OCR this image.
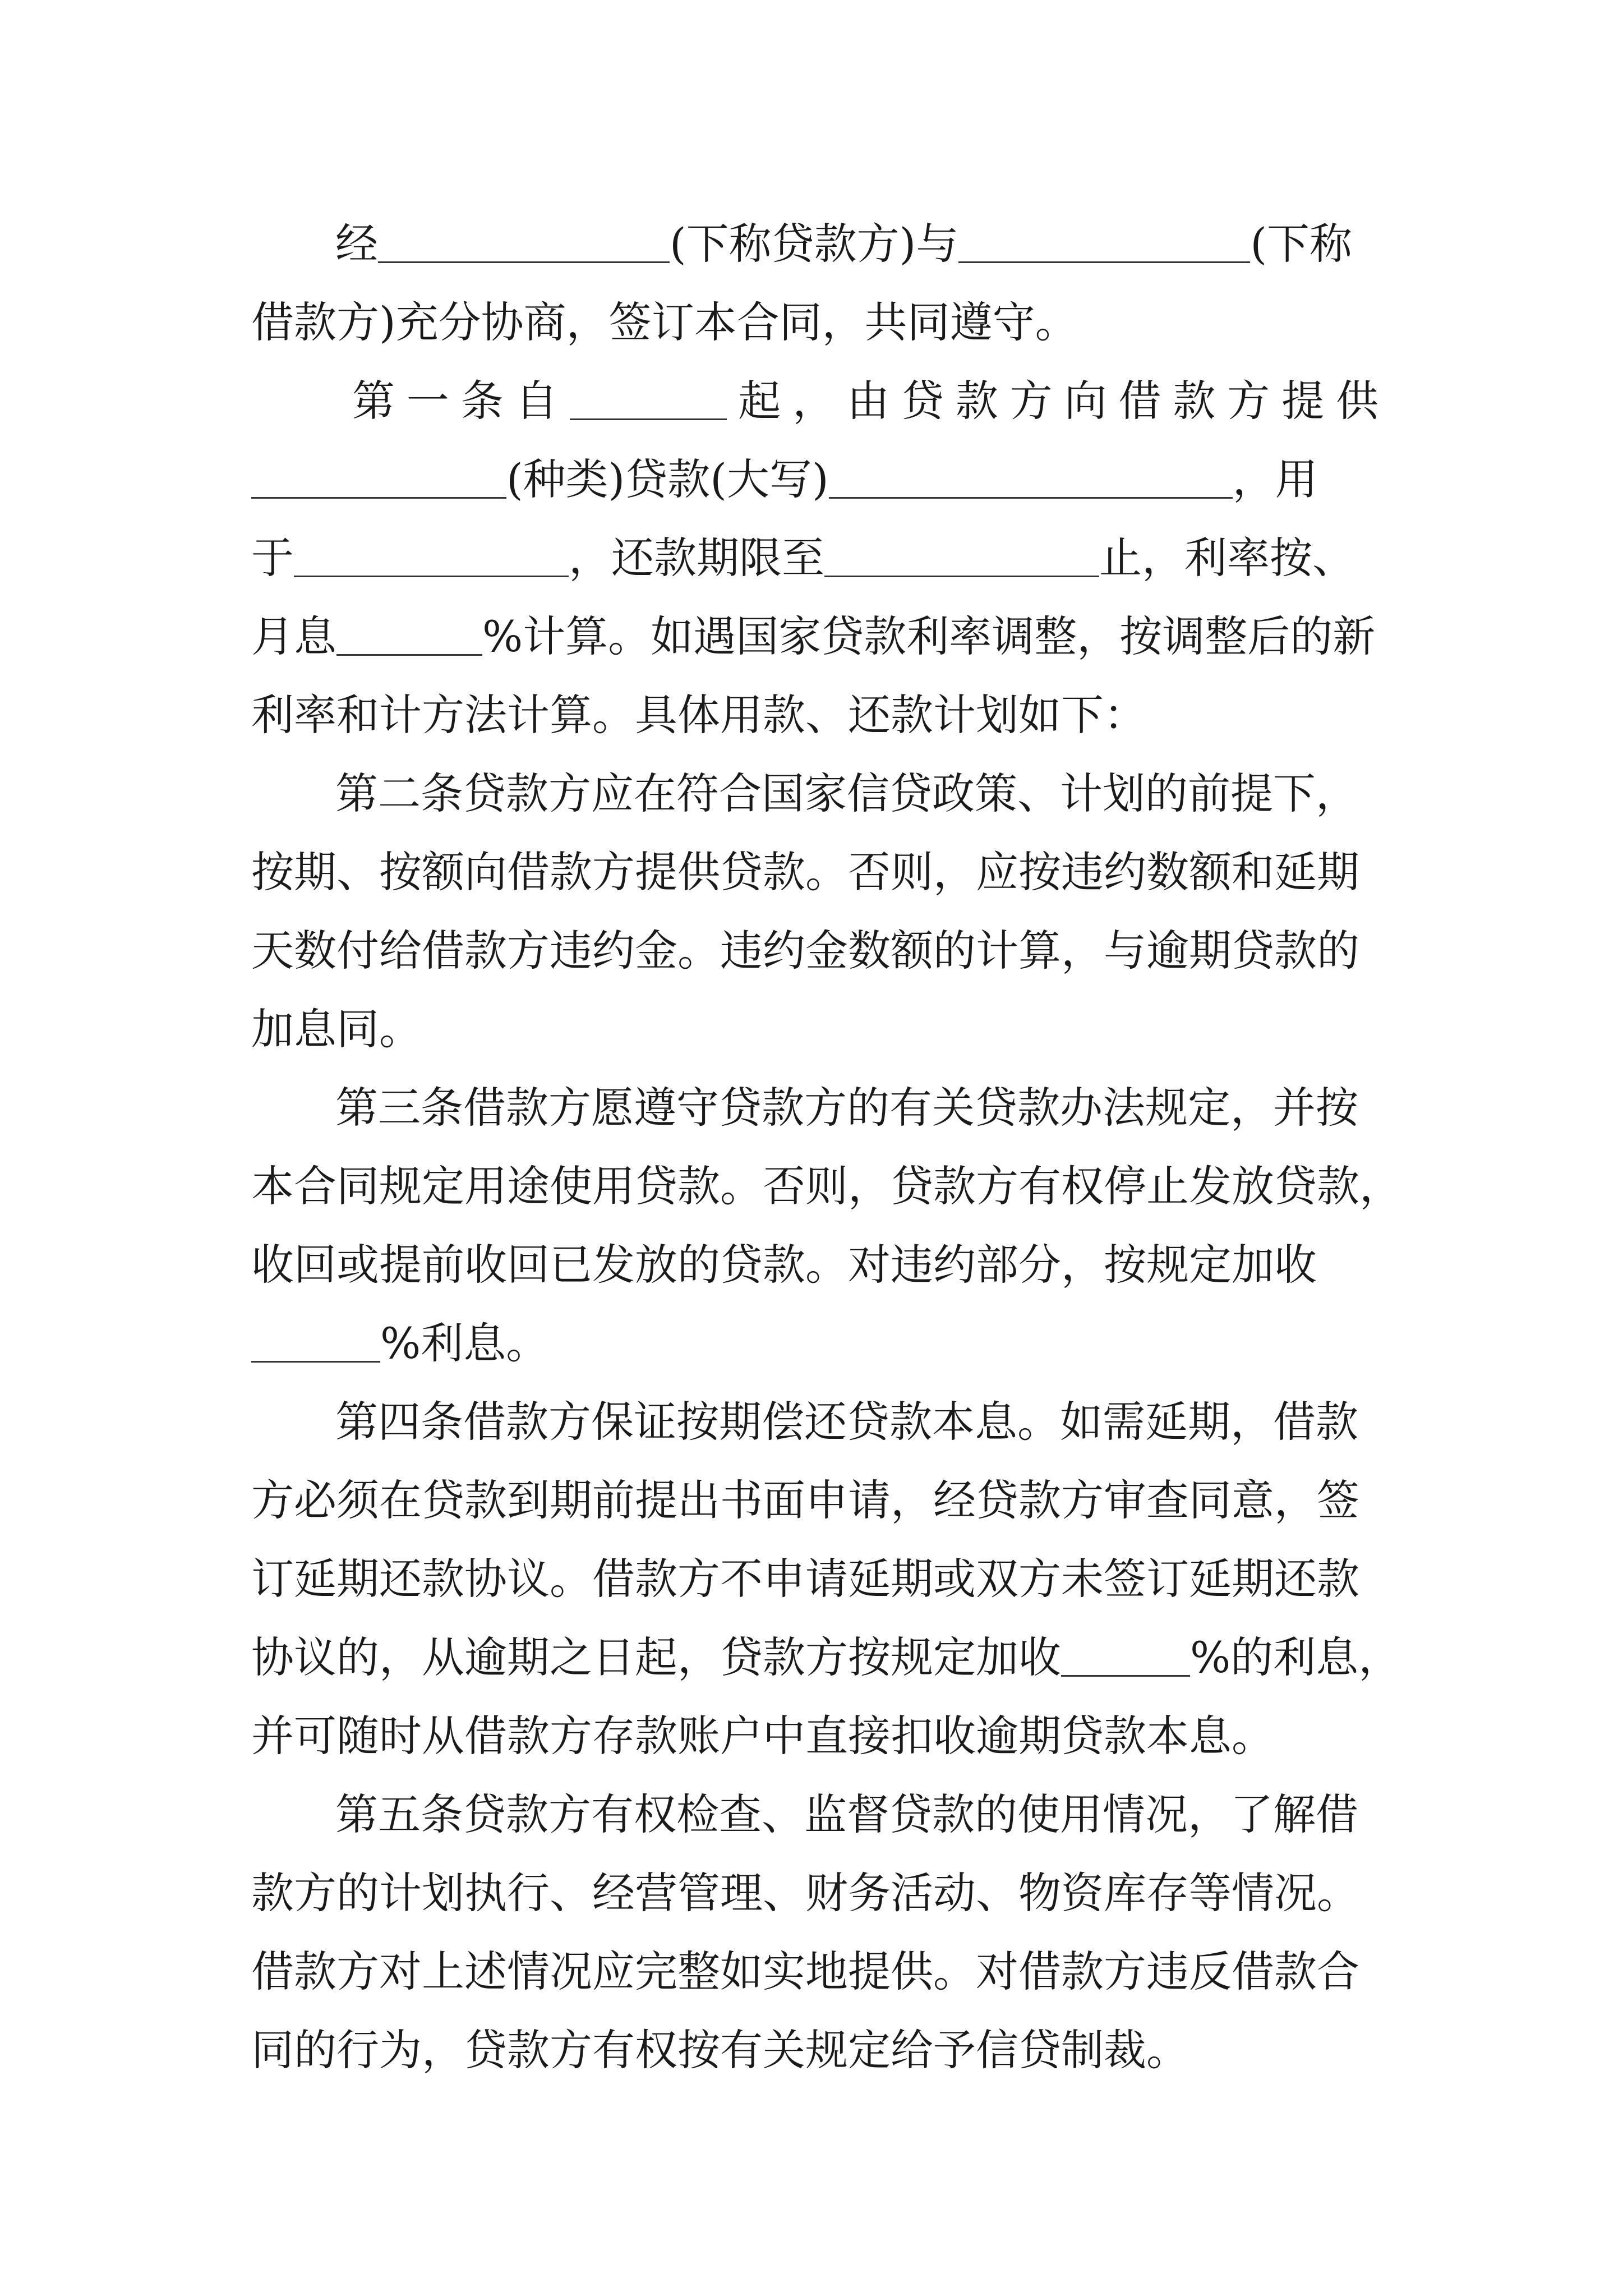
经	(下称贷款方)与	(下称
借款方)充分协商，签订本合同，共同遵守。
第一条自	起，由贷款方向借款方提供
(种类)贷款(大写)	，用
于	，还款期限至	止，利率按、
月息	%计算。如遇国家贷款利率调整，按调整后的新
利率和计方法计算。具体用款、还款计划如下：
第二条贷款方应在符合国家信贷政策、计划的前提下，
按期、按额向借款方提供贷款。否则，应按违约数额和延期
天数付给借款方违约金。违约金数额的计算，与逾期贷款的
加息同。
第三条借款方愿遵守贷款方的有关贷款办法规定，并按
本合同规定用途使用贷款。否则，贷款方有权停止发放贷款，
收回或提前收回已发放的贷款。对违约部分，按规定加收
%利息。
第四条借款方保证按期偿还贷款本息。如需延期，借款
方必须在贷款到期前提出书面申请，经贷款方审查同意，签
订延期还款协议。借款方不申请延期或双方未签订延期还款
协议的，从逾期之日起，贷款方按规定加收	%的利息，
并可随时从借款方存款账户中直接扣收逾期贷款本息。
第五条贷款方有权检查、监督贷款的使用情况，了解借
款方的计划执行、经营管理、财务活动、物资库存等情况。
借款方对上述情况应完整如实地提供。对借款方违反借款合
同的行为，贷款方有权按有关规定给予信贷制裁。
